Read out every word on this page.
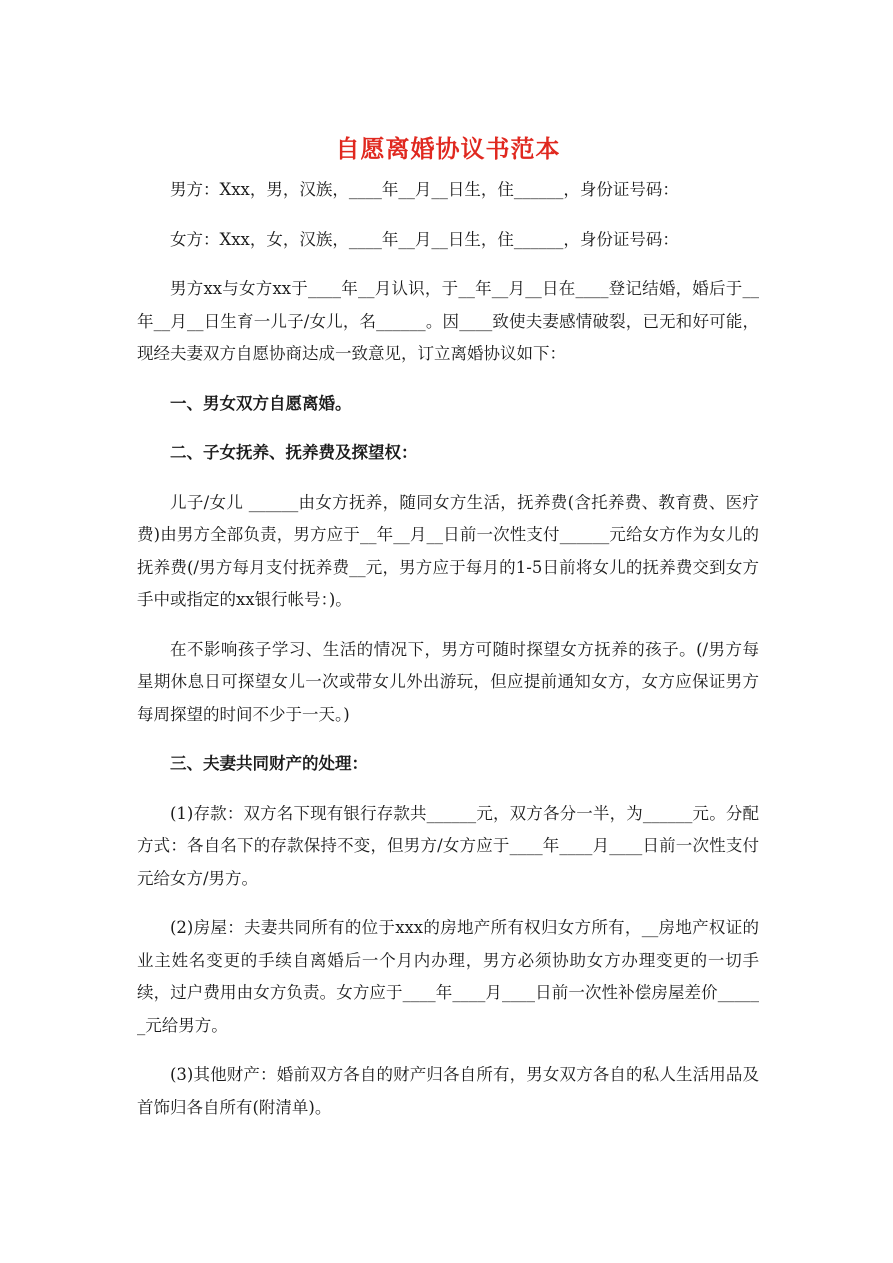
自愿离婚协议书范本

男方：Xxx，男，汉族，____年__月__日生，住______，身份证号码：

女方：Xxx，女，汉族，____年__月__日生，住______，身份证号码：

男方xx与女方xx于____年__月认识，于__年__月__日在____登记结婚，婚后于__年__月__日生育一儿子/女儿，名______。因____致使夫妻感情破裂，已无和好可能，现经夫妻双方自愿协商达成一致意见，订立离婚协议如下：

一、男女双方自愿离婚。

二、子女抚养、抚养费及探望权：

儿子/女儿 ______由女方抚养，随同女方生活，抚养费(含托养费、教育费、医疗费)由男方全部负责，男方应于__年__月__日前一次性支付______元给女方作为女儿的抚养费(/男方每月支付抚养费__元，男方应于每月的1-5日前将女儿的抚养费交到女方手中或指定的xx银行帐号：)。

在不影响孩子学习、生活的情况下，男方可随时探望女方抚养的孩子。(/男方每星期休息日可探望女儿一次或带女儿外出游玩，但应提前通知女方，女方应保证男方每周探望的时间不少于一天。)

三、夫妻共同财产的处理：

(1)存款：双方名下现有银行存款共______元，双方各分一半，为______元。分配方式：各自名下的存款保持不变，但男方/女方应于____年____月____日前一次性支付 元给女方/男方。

(2)房屋：夫妻共同所有的位于xxx的房地产所有权归女方所有，__房地产权证的业主姓名变更的手续自离婚后一个月内办理，男方必须协助女方办理变更的一切手续，过户费用由女方负责。女方应于____年____月____日前一次性补偿房屋差价______元给男方。

(3)其他财产：婚前双方各自的财产归各自所有，男女双方各自的私人生活用品及首饰归各自所有(附清单)。
